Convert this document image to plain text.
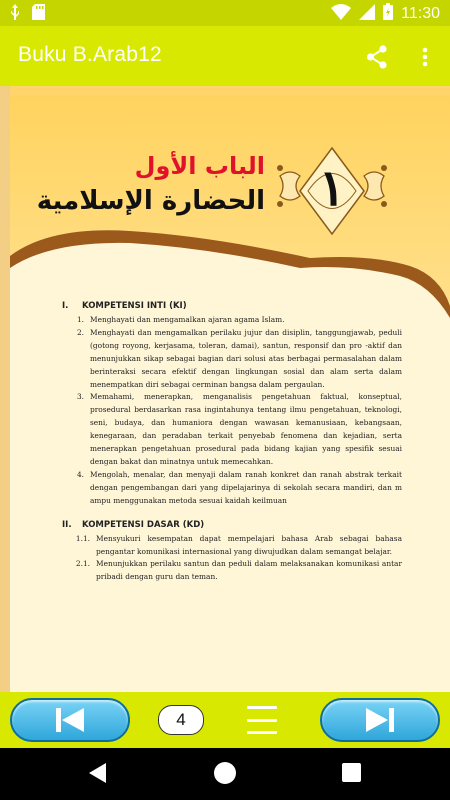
11:30
Buku B.Arab12
الباب الأول
الحضارة الإسلامية	١
I.	KOMPETENSI INTI (KI)
1. Menghayati dan mengamalkan ajaran agama Islam.
2. Menghayati dan mengamalkan perilaku jujur dan disiplin, tanggungjawab, peduli (gotong royong, kerjasama, toleran, damai), santun, responsif dan pro -aktif dan menunjukkan sikap sebagai bagian dari solusi atas berbagai permasalahan dalam berinteraksi secara efektif dengan lingkungan sosial dan alam serta dalam menempatkan diri sebagai cerminan bangsa dalam pergaulan.
3. Memahami, menerapkan, menganalisis pengetahuan faktual, konseptual, prosedural berdasarkan rasa ingintahunya tentang ilmu pengetahuan, teknologi, seni, budaya, dan humaniora dengan wawasan kemanusiaan, kebangsaan, kenegaraan, dan peradaban terkait penyebab fenomena dan kejadian, serta menerapkan pengetahuan prosedural pada bidang kajian yang spesifik sesuai dengan bakat dan minatnya untuk memecahkan.
4. Mengolah, menalar, dan menyaji dalam ranah konkret dan ranah abstrak terkait dengan pengembangan dari yang dipelajarinya di sekolah secara mandiri, dan m ampu menggunakan metoda sesuai kaidah keilmuan
II.	KOMPETENSI DASAR (KD)
1.1. Mensyukuri kesempatan dapat mempelajari bahasa Arab sebagai bahasa pengantar komunikasi internasional yang diwujudkan dalam semangat belajar.
2.1. Menunjukkan perilaku santun dan peduli dalam melaksanakan komunikasi antar pribadi dengan guru dan teman.
4
